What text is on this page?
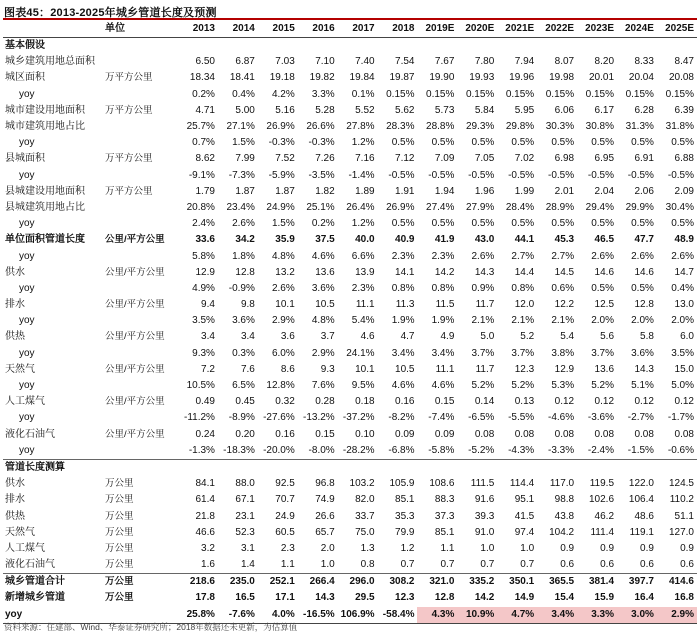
图表45：2013-2025年城乡管道长度及预测
	单位	2013	2014	2015	2016	2017	2018	2019E	2020E	2021E	2022E	2023E	2024E	2025E
基本假设														
城乡建筑用地总面积		6.50	6.87	7.03	7.10	7.40	7.54	7.67	7.80	7.94	8.07	8.20	8.33	8.47
城区面积	万平方公里	18.34	18.41	19.18	19.82	19.84	19.87	19.90	19.93	19.96	19.98	20.01	20.04	20.08
yoy		0.2%	0.4%	4.2%	3.3%	0.1%	0.15%	0.15%	0.15%	0.15%	0.15%	0.15%	0.15%	0.15%
城市建设用地面积	万平方公里	4.71	5.00	5.16	5.28	5.52	5.62	5.73	5.84	5.95	6.06	6.17	6.28	6.39
城市建筑用地占比		25.7%	27.1%	26.9%	26.6%	27.8%	28.3%	28.8%	29.3%	29.8%	30.3%	30.8%	31.3%	31.8%
yoy		0.7%	1.5%	-0.3%	-0.3%	1.2%	0.5%	0.5%	0.5%	0.5%	0.5%	0.5%	0.5%	0.5%
县城面积	万平方公里	8.62	7.99	7.52	7.26	7.16	7.12	7.09	7.05	7.02	6.98	6.95	6.91	6.88
yoy		-9.1%	-7.3%	-5.9%	-3.5%	-1.4%	-0.5%	-0.5%	-0.5%	-0.5%	-0.5%	-0.5%	-0.5%	-0.5%
县城建设用地面积	万平方公里	1.79	1.87	1.87	1.82	1.89	1.91	1.94	1.96	1.99	2.01	2.04	2.06	2.09
县城建筑用地占比		20.8%	23.4%	24.9%	25.1%	26.4%	26.9%	27.4%	27.9%	28.4%	28.9%	29.4%	29.9%	30.4%
yoy		2.4%	2.6%	1.5%	0.2%	1.2%	0.5%	0.5%	0.5%	0.5%	0.5%	0.5%	0.5%	0.5%
单位面积管道长度	公里/平方公里	33.6	34.2	35.9	37.5	40.0	40.9	41.9	43.0	44.1	45.3	46.5	47.7	48.9
yoy		5.8%	1.8%	4.8%	4.6%	6.6%	2.3%	2.3%	2.6%	2.7%	2.7%	2.6%	2.6%	2.6%
供水	公里/平方公里	12.9	12.8	13.2	13.6	13.9	14.1	14.2	14.3	14.4	14.5	14.6	14.6	14.7
yoy		4.9%	-0.9%	2.6%	3.6%	2.3%	0.8%	0.8%	0.9%	0.8%	0.6%	0.5%	0.5%	0.4%
排水	公里/平方公里	9.4	9.8	10.1	10.5	11.1	11.3	11.5	11.7	12.0	12.2	12.5	12.8	13.0
yoy		3.5%	3.6%	2.9%	4.8%	5.4%	1.9%	1.9%	2.1%	2.1%	2.1%	2.0%	2.0%	2.0%
供热	公里/平方公里	3.4	3.4	3.6	3.7	4.6	4.7	4.9	5.0	5.2	5.4	5.6	5.8	6.0
yoy		9.3%	0.3%	6.0%	2.9%	24.1%	3.4%	3.4%	3.7%	3.7%	3.8%	3.7%	3.6%	3.5%
天然气	公里/平方公里	7.2	7.6	8.6	9.3	10.1	10.5	11.1	11.7	12.3	12.9	13.6	14.3	15.0
yoy		10.5%	6.5%	12.8%	7.6%	9.5%	4.6%	4.6%	5.2%	5.2%	5.3%	5.2%	5.1%	5.0%
人工煤气	公里/平方公里	0.49	0.45	0.32	0.28	0.18	0.16	0.15	0.14	0.13	0.12	0.12	0.12	0.12
yoy		-11.2%	-8.9%	-27.6%	-13.2%	-37.2%	-8.2%	-7.4%	-6.5%	-5.5%	-4.6%	-3.6%	-2.7%	-1.7%
液化石油气	公里/平方公里	0.24	0.20	0.16	0.15	0.10	0.09	0.09	0.08	0.08	0.08	0.08	0.08	0.08
yoy		-1.3%	-18.3%	-20.0%	-8.0%	-28.2%	-6.8%	-5.8%	-5.2%	-4.3%	-3.3%	-2.4%	-1.5%	-0.6%
管道长度测算														
供水	万公里	84.1	88.0	92.5	96.8	103.2	105.9	108.6	111.5	114.4	117.0	119.5	122.0	124.5
排水	万公里	61.4	67.1	70.7	74.9	82.0	85.1	88.3	91.6	95.1	98.8	102.6	106.4	110.2
供热	万公里	21.8	23.1	24.9	26.6	33.7	35.3	37.3	39.3	41.5	43.8	46.2	48.6	51.1
天然气	万公里	46.6	52.3	60.5	65.7	75.0	79.9	85.1	91.0	97.4	104.2	111.4	119.1	127.0
人工煤气	万公里	3.2	3.1	2.3	2.0	1.3	1.2	1.1	1.0	1.0	0.9	0.9	0.9	0.9
液化石油气	万公里	1.6	1.4	1.1	1.0	0.8	0.7	0.7	0.7	0.7	0.6	0.6	0.6	0.6
城乡管道合计	万公里	218.6	235.0	252.1	266.4	296.0	308.2	321.0	335.2	350.1	365.5	381.4	397.7	414.6
新增城乡管道	万公里	17.8	16.5	17.1	14.3	29.5	12.3	12.8	14.2	14.9	15.4	15.9	16.4	16.8
yoy		25.8%	-7.6%	4.0%	-16.5%	106.9%	-58.4%	4.3%	10.9%	4.7%	3.4%	3.3%	3.0%	2.9%
资料来源：住建部、Wind、华泰证券研究所；2018年数据还未更新，为估算值
